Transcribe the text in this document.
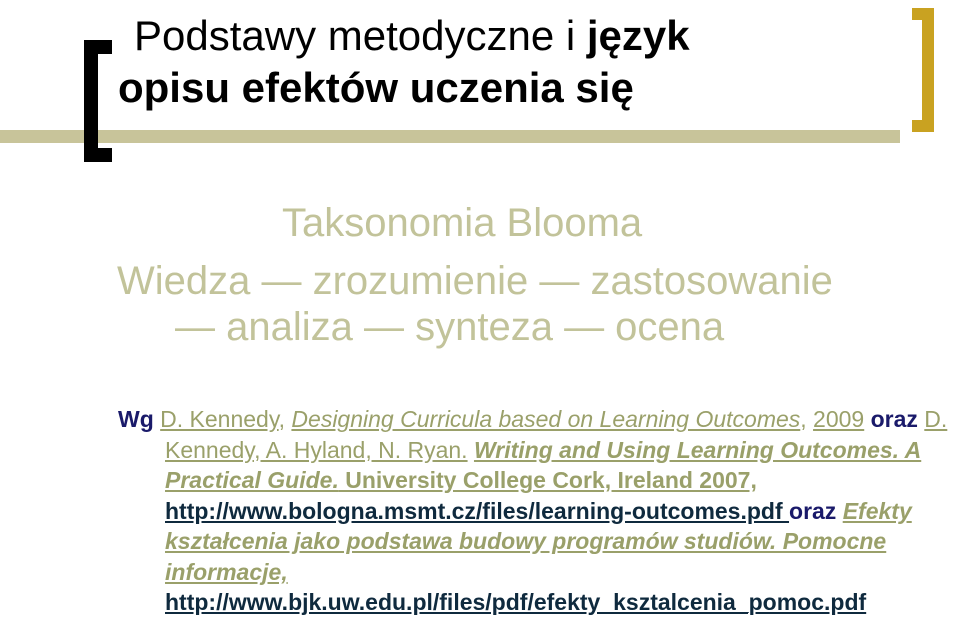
Podstawy metodyczne i język
opisu efektów uczenia się
Taksonomia Blooma
Wiedza — zrozumienie — zastosowanie
— analiza — synteza — ocena
Wg D. Kennedy, Designing Curricula based on Learning Outcomes, 2009 oraz D. Kennedy, A. Hyland, N. Ryan. Writing and Using Learning Outcomes. A Practical Guide. University College Cork, Ireland 2007, http://www.bologna.msmt.cz/files/learning-outcomes.pdf oraz Efekty kształcenia jako podstawa budowy programów studiów. Pomocne informacje, http://www.bjk.uw.edu.pl/files/pdf/efekty_ksztalcenia_pomoc.pdf
